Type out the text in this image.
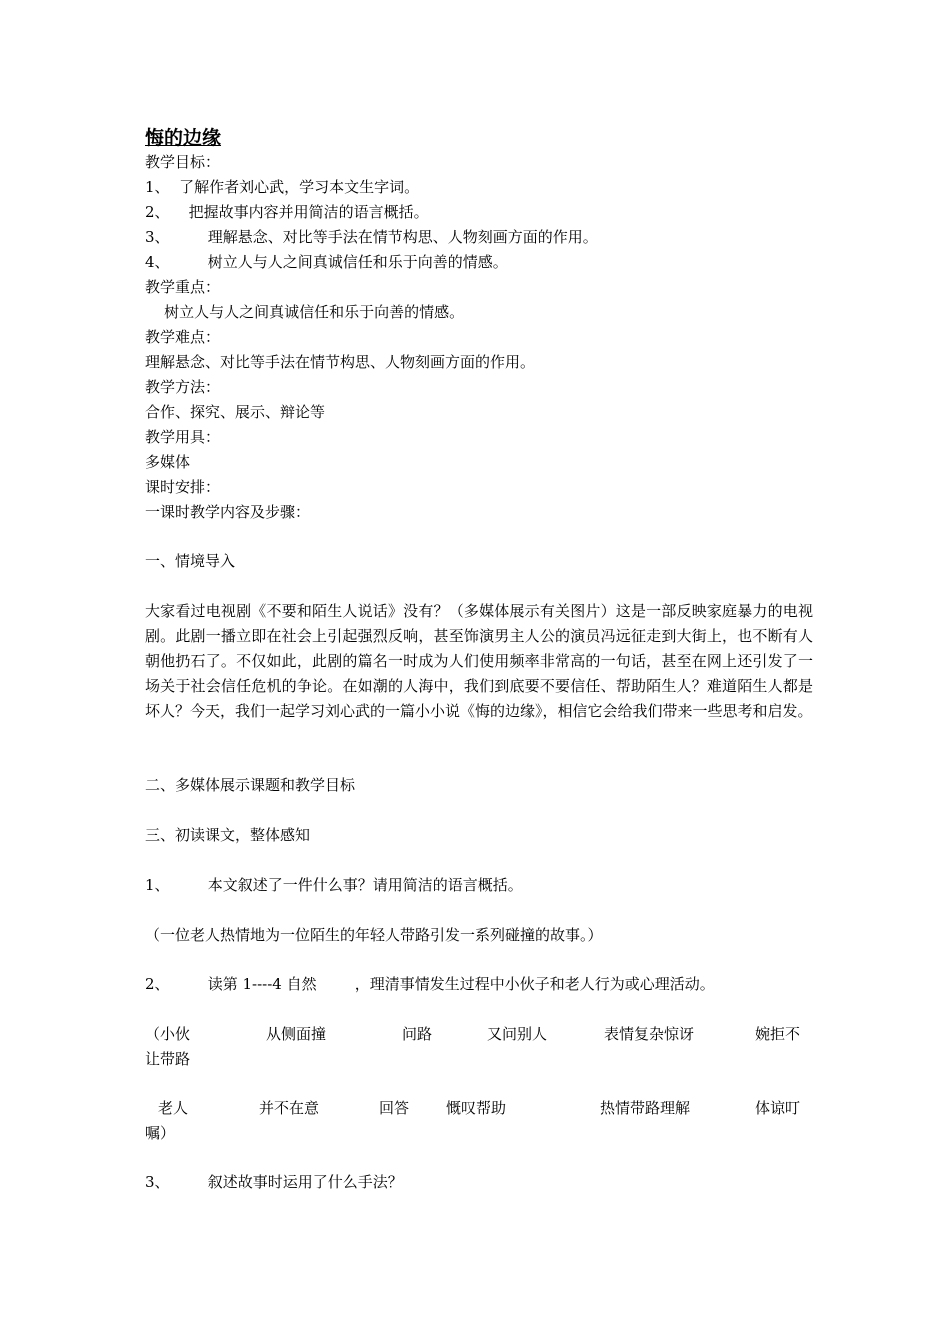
悔的边缘
教学目标：
1、  了解作者刘心武，学习本文生字词。
2、    把握故事内容并用简洁的语言概括。
3、        理解悬念、对比等手法在情节构思、人物刻画方面的作用。
4、        树立人与人之间真诚信任和乐于向善的情感。
教学重点：
树立人与人之间真诚信任和乐于向善的情感。
教学难点：
理解悬念、对比等手法在情节构思、人物刻画方面的作用。
教学方法：
合作、探究、展示、辩论等
教学用具：
多媒体
课时安排：
一课时教学内容及步骤：
一、情境导入
大家看过电视剧《不要和陌生人说话》没有？（多媒体展示有关图片）这是一部反映家庭暴力的电视剧。此剧一播立即在社会上引起强烈反响，甚至饰演男主人公的演员冯远征走到大街上，也不断有人朝他扔石了。不仅如此，此剧的篇名一时成为人们使用频率非常高的一句话，甚至在网上还引发了一场关于社会信任危机的争论。在如潮的人海中，我们到底要不要信任、帮助陌生人？难道陌生人都是坏人？今天，我们一起学习刘心武的一篇小小说《悔的边缘》，相信它会给我们带来一些思考和启发。
二、多媒体展示课题和教学目标
三、初读课文，整体感知
1、        本文叙述了一件什么事？请用简洁的语言概括。
（一位老人热情地为一位陌生的年轻人带路引发一系列碰撞的故事。）
2、        读第 1----4 自然        ，理清事情发生过程中小伙子和老人行为或心理活动。
（小伙	从侧面撞	问路	又问别人	表情复杂惊讶	婉拒不
让带路
老人	并不在意	回答 慨叹帮助	热情带路理解	体谅叮
嘱）
3、        叙述故事时运用了什么手法？
